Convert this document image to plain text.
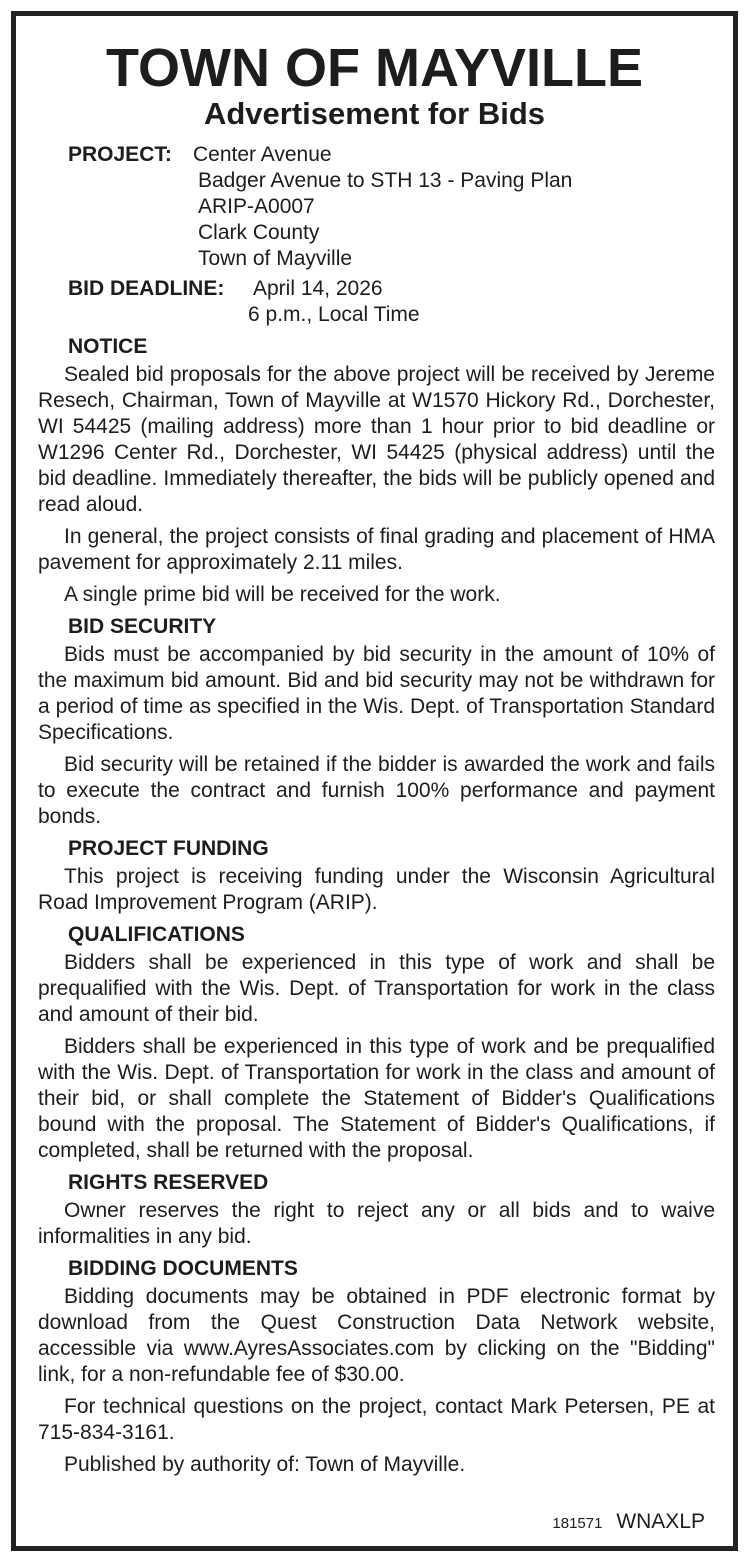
TOWN OF MAYVILLE
Advertisement for Bids
PROJECT: Center Avenue
Badger Avenue to STH 13 - Paving Plan
ARIP-A0007
Clark County
Town of Mayville
BID DEADLINE: April 14, 2026
6 p.m., Local Time
NOTICE

Sealed bid proposals for the above project will be received by Jereme Resech, Chairman, Town of Mayville at W1570 Hickory Rd., Dorchester, WI 54425 (mailing address) more than 1 hour prior to bid deadline or W1296 Center Rd., Dorchester, WI 54425 (physical address) until the bid deadline. Immediately thereafter, the bids will be publicly opened and read aloud.

In general, the project consists of final grading and placement of HMA pavement for approximately 2.11 miles.

A single prime bid will be received for the work.

BID SECURITY

Bids must be accompanied by bid security in the amount of 10% of the maximum bid amount. Bid and bid security may not be withdrawn for a period of time as specified in the Wis. Dept. of Transportation Standard Specifications.

Bid security will be retained if the bidder is awarded the work and fails to execute the contract and furnish 100% performance and payment bonds.

PROJECT FUNDING

This project is receiving funding under the Wisconsin Agricultural Road Improvement Program (ARIP).

QUALIFICATIONS

Bidders shall be experienced in this type of work and shall be prequalified with the Wis. Dept. of Transportation for work in the class and amount of their bid.

Bidders shall be experienced in this type of work and be prequalified with the Wis. Dept. of Transportation for work in the class and amount of their bid, or shall complete the Statement of Bidder's Qualifications bound with the proposal. The Statement of Bidder's Qualifications, if completed, shall be returned with the proposal.

RIGHTS RESERVED

Owner reserves the right to reject any or all bids and to waive informalities in any bid.

BIDDING DOCUMENTS

Bidding documents may be obtained in PDF electronic format by download from the Quest Construction Data Network website, accessible via www.AyresAssociates.com by clicking on the "Bidding" link, for a non-refundable fee of $30.00.

For technical questions on the project, contact Mark Petersen, PE at 715-834-3161.

Published by authority of: Town of Mayville.

181571 WNAXLP
